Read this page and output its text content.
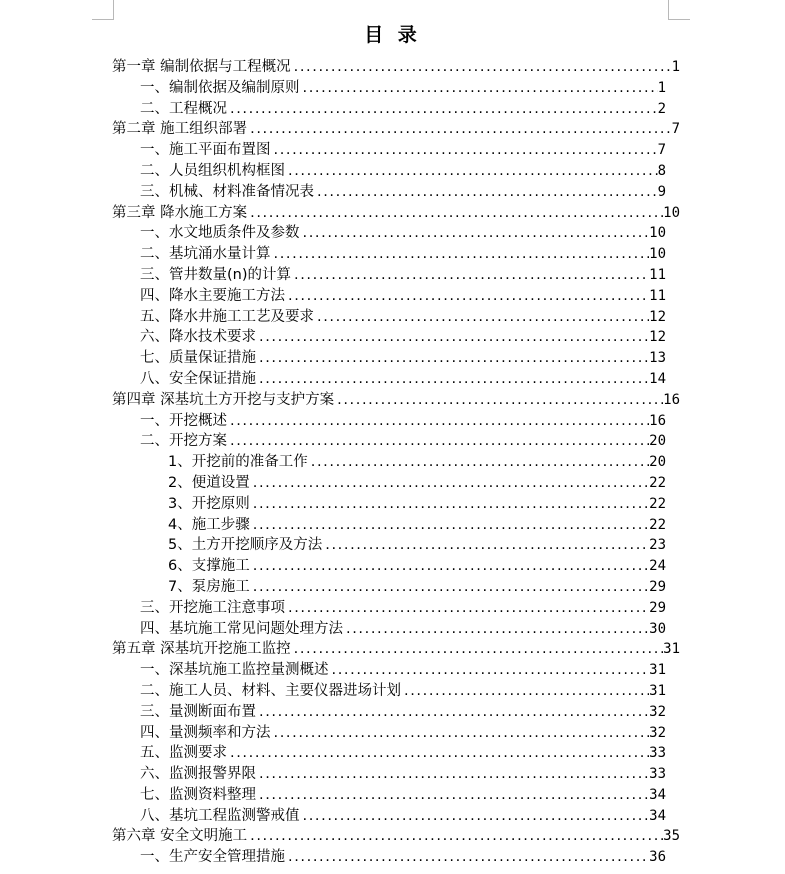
目 录
第一章 编制依据与工程概况 .....	1
一、编制依据及编制原则 .....	1
二、工程概况 .....	2
第二章 施工组织部署 .....	7
一、施工平面布置图 .....	7
二、人员组织机构框图 .....	8
三、机械、材料准备情况表 .....	9
第三章 降水施工方案 .....	10
一、水文地质条件及参数 .....	10
二、基坑涌水量计算 .....	10
三、管井数量(n)的计算 .....	11
四、降水主要施工方法 .....	11
五、降水井施工工艺及要求 .....	12
六、降水技术要求 .....	12
七、质量保证措施 .....	13
八、安全保证措施 .....	14
第四章 深基坑土方开挖与支护方案 .....	16
一、开挖概述 .....	16
二、开挖方案 .....	20
1、开挖前的准备工作 .....	20
2、便道设置 .....	22
3、开挖原则 .....	22
4、施工步骤 .....	22
5、土方开挖顺序及方法 .....	23
6、支撑施工 .....	24
7、泵房施工 .....	29
三、开挖施工注意事项 .....	29
四、基坑施工常见问题处理方法 .....	30
第五章 深基坑开挖施工监控 .....	31
一、深基坑施工监控量测概述 .....	31
二、施工人员、材料、主要仪器进场计划 .....	31
三、量测断面布置 .....	32
四、量测频率和方法 .....	32
五、监测要求 .....	33
六、监测报警界限 .....	33
七、监测资料整理 .....	34
八、基坑工程监测警戒值 .....	34
第六章 安全文明施工 .....	35
一、生产安全管理措施 .....	36
